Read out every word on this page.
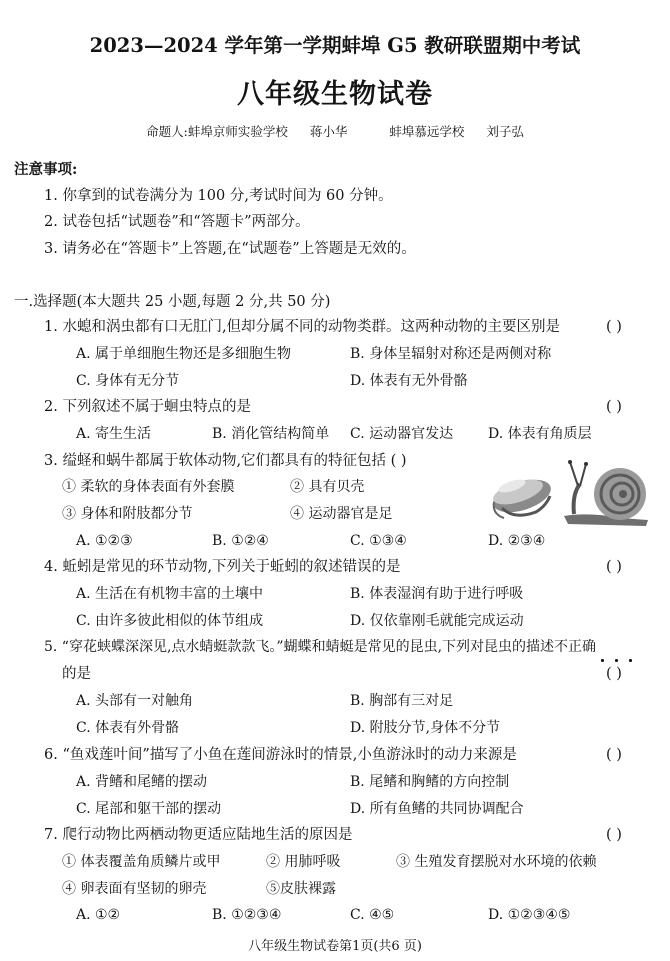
2023—2024 学年第一学期蚌埠 G5 教研联盟期中考试
八年级生物试卷
命题人:蚌埠京师实验学校 蒋小华	蚌埠慕远学校 刘子弘
注意事项:
1. 你拿到的试卷满分为 100 分,考试时间为 60 分钟。
2. 试卷包括“试题卷”和“答题卡”两部分。
3. 请务必在“答题卡”上答题,在“试题卷”上答题是无效的。
一.选择题(本大题共 25 小题,每题 2 分,共 50 分)
1. 水螅和涡虫都有口无肛门,但却分属不同的动物类群。这两种动物的主要区别是	( )
A. 属于单细胞生物还是多细胞生物	B. 身体呈辐射对称还是两侧对称
C. 身体有无分节	D. 体表有无外骨骼
2. 下列叙述不属于蛔虫特点的是	( )
A. 寄生生活	B. 消化管结构简单 C. 运动器官发达 D. 体表有角质层
3. 缢蛏和蜗牛都属于软体动物,它们都具有的特征包括 ( )
① 柔软的身体表面有外套膜	② 具有贝壳
③ 身体和附肢都分节	④ 运动器官是足
A. ①②③	B. ①②④	C. ①③④	D. ②③④
4. 蚯蚓是常见的环节动物,下列关于蚯蚓的叙述错误的是	( )
A. 生活在有机物丰富的土壤中	B. 体表湿润有助于进行呼吸
C. 由许多彼此相似的体节组成	D. 仅依靠刚毛就能完成运动
5. “穿花蛱蝶深深见,点水蜻蜓款款飞。”蝴蝶和蜻蜓是常见的昆虫,下列对昆虫的描述不正确
的是	( )
A. 头部有一对触角	B. 胸部有三对足
C. 体表有外骨骼	D. 附肢分节,身体不分节
6. “鱼戏莲叶间”描写了小鱼在莲间游泳时的情景,小鱼游泳时的动力来源是	( )
A. 背鳍和尾鳍的摆动	B. 尾鳍和胸鳍的方向控制
C. 尾部和躯干部的摆动	D. 所有鱼鳍的共同协调配合
7. 爬行动物比两栖动物更适应陆地生活的原因是	( )
① 体表覆盖角质鳞片或甲	② 用肺呼吸	③ 生殖发育摆脱对水环境的依赖
④ 卵表面有坚韧的卵壳	⑤皮肤裸露
A. ①②	B. ①②③④	C. ④⑤	D. ①②③④⑤
八年级生物试卷第1页(共6 页)
